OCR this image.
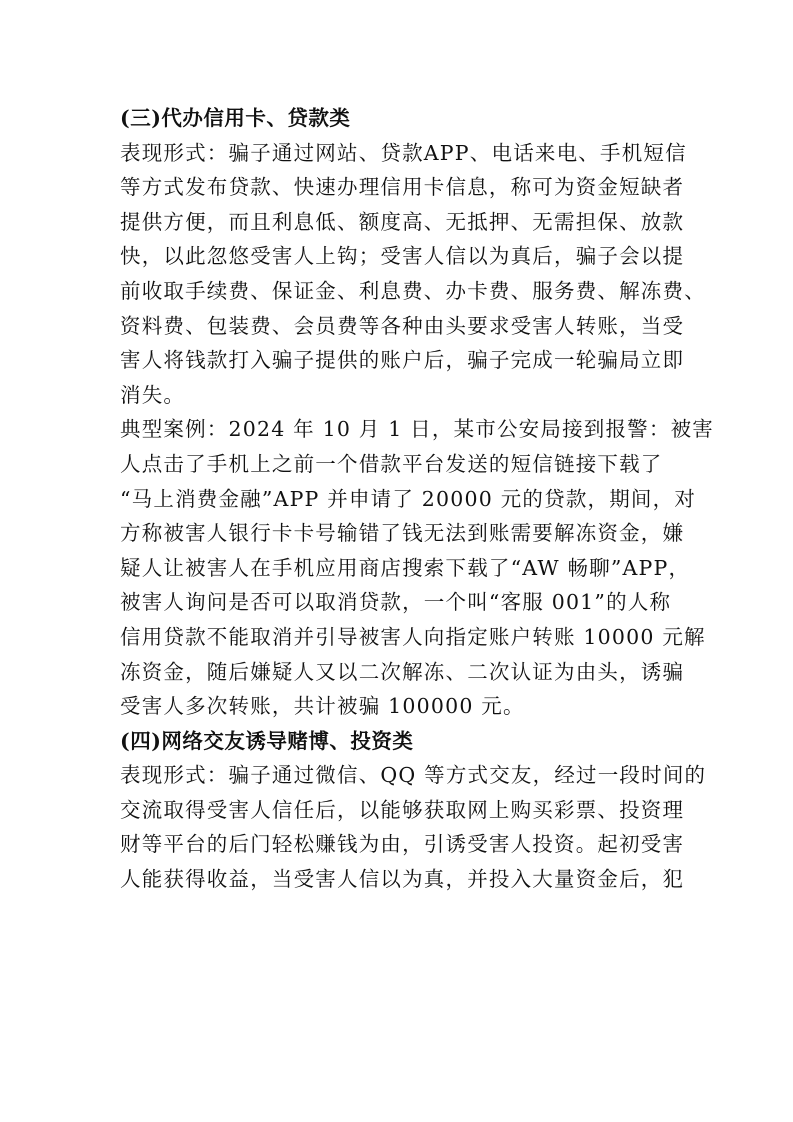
(三)代办信用卡、贷款类

表现形式：骗子通过网站、贷款APP、电话来电、手机短信
等方式发布贷款、快速办理信用卡信息，称可为资金短缺者
提供方便，而且利息低、额度高、无抵押、无需担保、放款
快，以此忽悠受害人上钩；受害人信以为真后，骗子会以提
前收取手续费、保证金、利息费、办卡费、服务费、解冻费、
资料费、包装费、会员费等各种由头要求受害人转账，当受
害人将钱款打入骗子提供的账户后，骗子完成一轮骗局立即
消失。

典型案例：2024 年 10 月 1 日，某市公安局接到报警：被害
人点击了手机上之前一个借款平台发送的短信链接下载了
“马上消费金融”APP 并申请了 20000 元的贷款，期间，对
方称被害人银行卡卡号输错了钱无法到账需要解冻资金，嫌
疑人让被害人在手机应用商店搜索下载了“AW 畅聊”APP，
被害人询问是否可以取消贷款，一个叫“客服 001”的人称
信用贷款不能取消并引导被害人向指定账户转账 10000 元解
冻资金，随后嫌疑人又以二次解冻、二次认证为由头，诱骗
受害人多次转账，共计被骗 100000 元。

(四)网络交友诱导赌博、投资类

表现形式：骗子通过微信、QQ 等方式交友，经过一段时间的
交流取得受害人信任后，以能够获取网上购买彩票、投资理
财等平台的后门轻松赚钱为由，引诱受害人投资。起初受害
人能获得收益，当受害人信以为真，并投入大量资金后，犯
